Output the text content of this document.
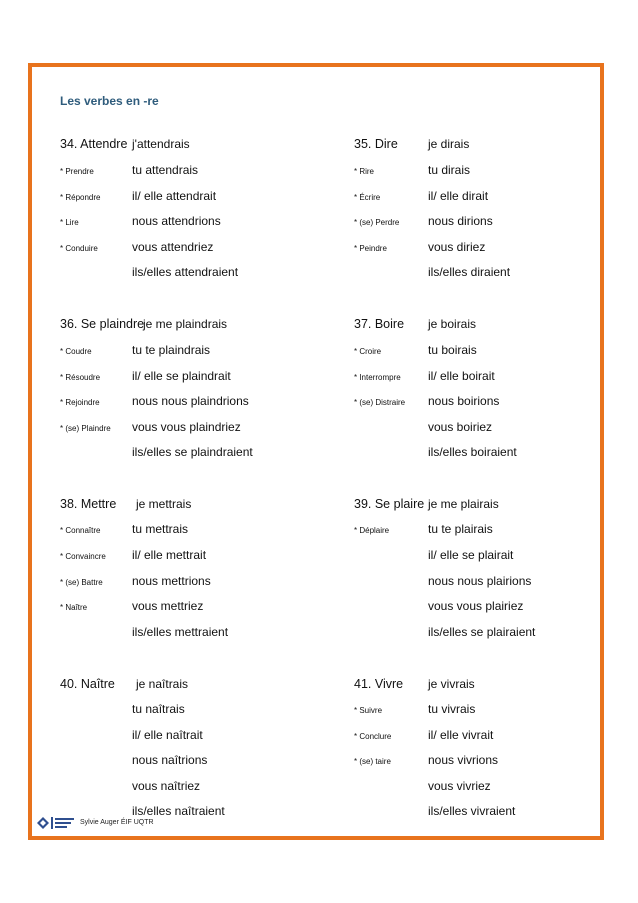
Les verbes en -re
34. Attendre j'attendrais
tu attendrais
il/ elle attendrait
nous attendrions
vous attendriez
ils/elles attendraient
* Prendre
* Répondre
* Lire
* Conduire
35. Dire	je dirais
tu dirais
il/ elle dirait
nous dirions
vous diriez
ils/elles diraient
* Rire
* Écrire
* (se) Perdre
* Peindre
36. Se plaindre
je me plaindrais
tu te plaindrais
il/ elle se plaindrait
nous nous plaindrions
vous vous plaindriez
ils/elles se plaindraient
* Coudre
* Résoudre
* Rejoindre
* (se) Plaindre
37. Boire je boirais
tu boirais
il/ elle boirait
nous boirions
vous boiriez
ils/elles boiraient
* Croire
* Interrompre
* (se) Distraire
38. Mettre je mettrais
tu mettrais
il/ elle mettrait
nous mettrions
vous mettriez
ils/elles mettraient
* Connaître
* Convaincre
* (se) Battre
* Naître
39. Se plaire je me plairais
tu te plairais
il/ elle se plairait
nous nous plairions
vous vous plairiez
ils/elles se plairaient
* Déplaire
40. Naître je naîtrais
tu naîtrais
il/ elle naîtrait
nous naîtrions
vous naîtriez
ils/elles naîtraient
41. Vivre je vivrais
tu vivrais
il/ elle vivrait
nous vivrions
vous vivriez
ils/elles vivraient
* Suivre
* Conclure
* (se) taire
Sylvie Auger ÉIF UQTR
